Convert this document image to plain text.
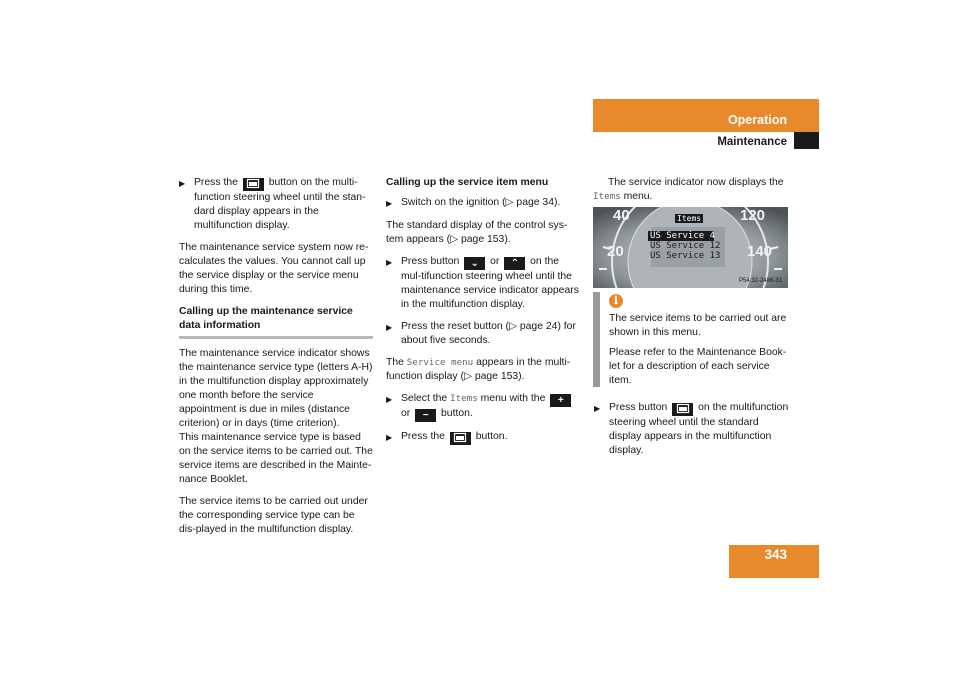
Operation
Maintenance
▶ Press the	button on the multi-function steering wheel until the stan-dard display appears in the multifunction display.

The maintenance service system now re-calculates the values. You cannot call up the service display or the service menu during this time.

Calling up the maintenance service data information

The maintenance service indicator shows the maintenance service type (letters A-H) in the multifunction display approximately one month before the service appointment is due in miles (distance criterion) or in days (time criterion).

This maintenance service type is based on the service items to be carried out. The service items are described in the Mainte-nance Booklet.

The service items to be carried out under the corresponding service type can be dis-played in the multifunction display.

Calling up the service item menu
▶ Switch on the ignition (▷ page 34).

The standard display of the control sys-tem appears (▷ page 153).

▶ Press button ⌄ or ⌃ on the mul-tifunction steering wheel until the maintenance service indicator appears in the multifunction display.
▶ Press the reset button (▷ page 24) for about five seconds.

The Service menu appears in the multi-function display (▷ page 153).

▶ Select the Items menu with the +
or − button.
▶ Press the	button.
The service indicator now displays the
Items menu.
40
20
120
140
Items
US Service 4
US Service 12
US Service 13
P54.32-2486-31
i

The service items to be carried out are shown in this menu.

Please refer to the Maintenance Book-let for a description of each service item.

▶ Press button	on the multifunction steering wheel until the standard display appears in the multifunction display.
343
